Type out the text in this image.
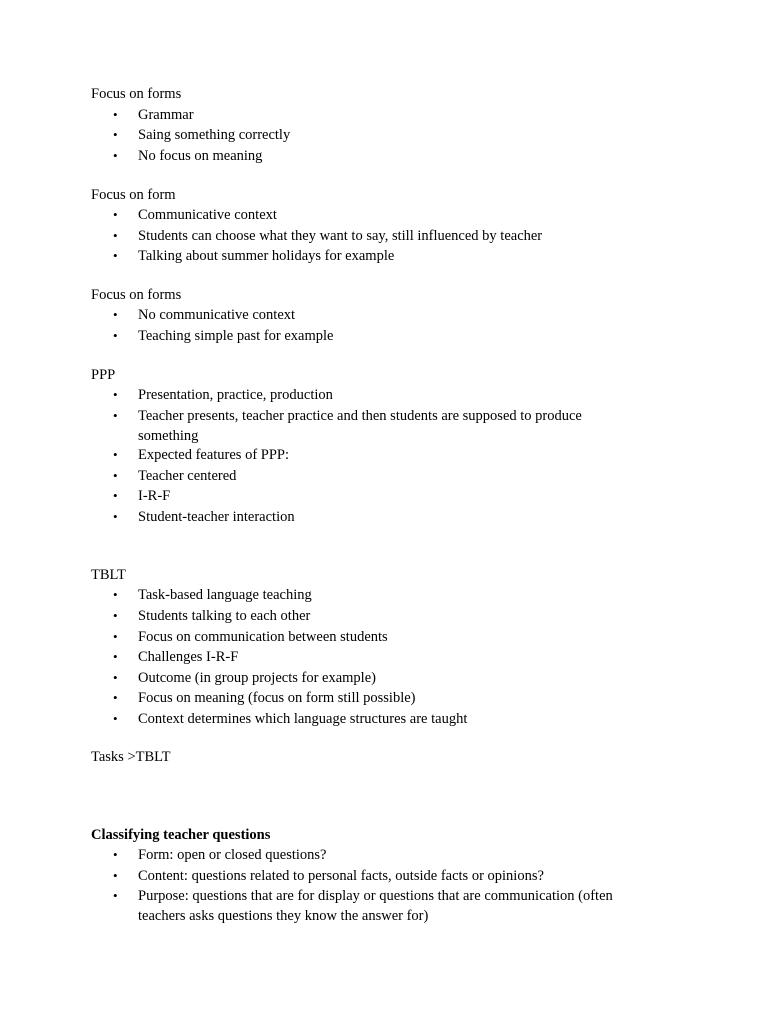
Focus on forms
• Grammar
• Saing something correctly
• No focus on meaning
Focus on form
• Communicative context
• Students can choose what they want to say, still influenced by teacher
• Talking about summer holidays for example
Focus on forms
• No communicative context
• Teaching simple past for example
PPP
• Presentation, practice, production
• Teacher presents, teacher practice and then students are supposed to produce something
• Expected features of PPP:
• Teacher centered
• I-R-F
• Student-teacher interaction
TBLT
• Task-based language teaching
• Students talking to each other
• Focus on communication between students
• Challenges I-R-F
• Outcome (in group projects for example)
• Focus on meaning (focus on form still possible)
• Context determines which language structures are taught
Tasks >TBLT
Classifying teacher questions
• Form: open or closed questions?
• Content: questions related to personal facts, outside facts or opinions?
• Purpose: questions that are for display or questions that are communication (often teachers asks questions they know the answer for)
